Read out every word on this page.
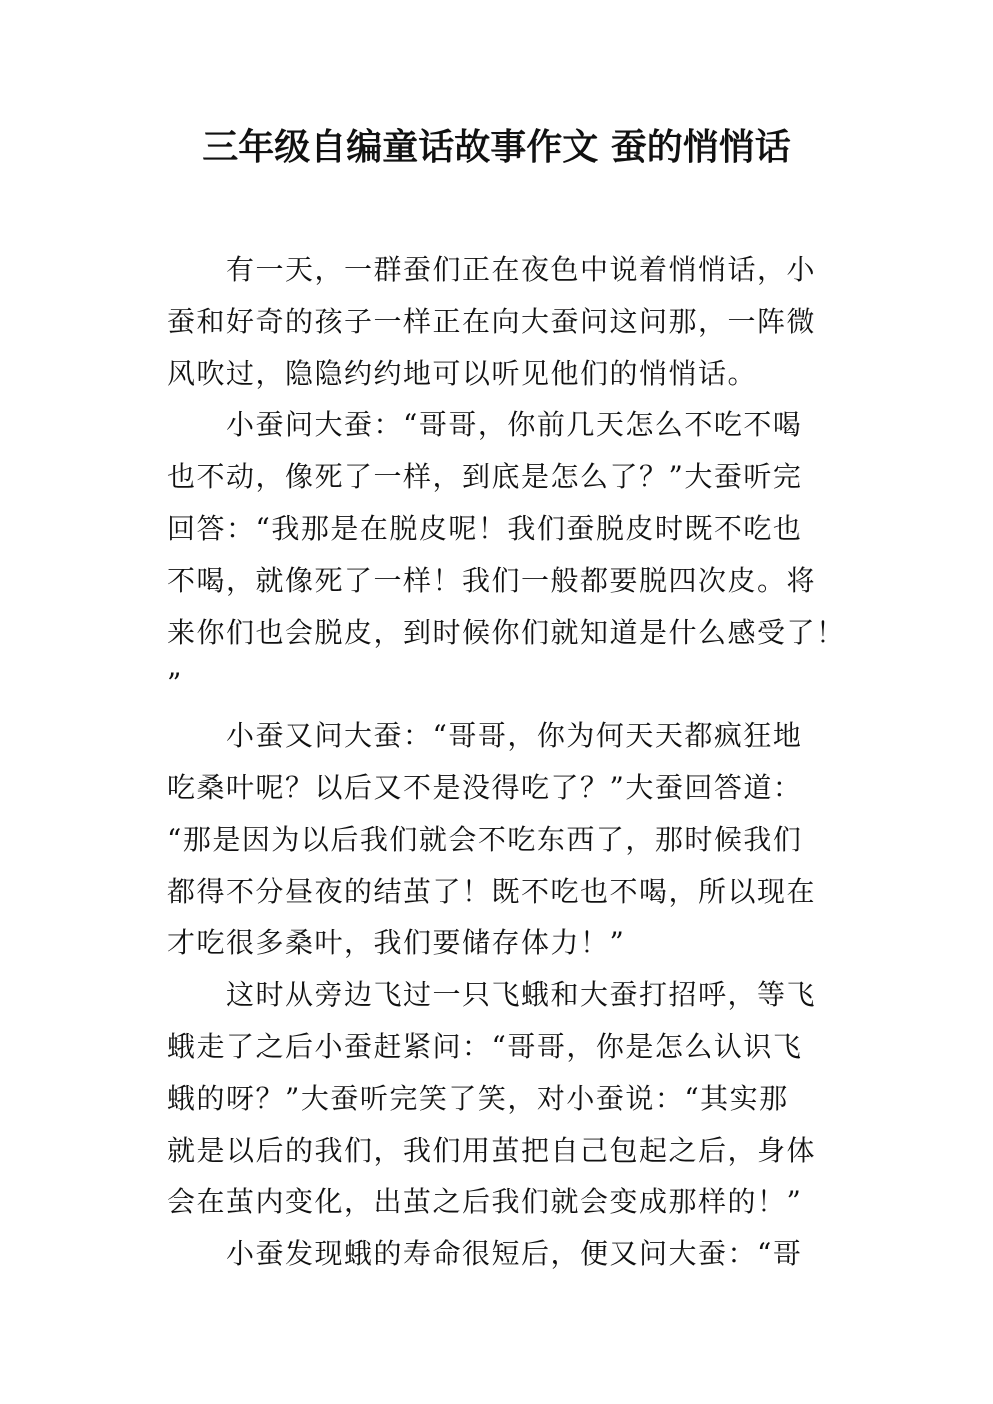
三年级自编童话故事作文 蚕的悄悄话
　　有一天，一群蚕们正在夜色中说着悄悄话，小
蚕和好奇的孩子一样正在向大蚕问这问那，一阵微
风吹过，隐隐约约地可以听见他们的悄悄话。
　　小蚕问大蚕：“哥哥，你前几天怎么不吃不喝
也不动，像死了一样，到底是怎么了？”大蚕听完
回答：“我那是在脱皮呢！我们蚕脱皮时既不吃也
不喝，就像死了一样！我们一般都要脱四次皮。将
来你们也会脱皮，到时候你们就知道是什么感受了！
”
　　小蚕又问大蚕：“哥哥，你为何天天都疯狂地
吃桑叶呢？以后又不是没得吃了？”大蚕回答道：
“那是因为以后我们就会不吃东西了，那时候我们
都得不分昼夜的结茧了！既不吃也不喝，所以现在
才吃很多桑叶，我们要储存体力！”
　　这时从旁边飞过一只飞蛾和大蚕打招呼，等飞
蛾走了之后小蚕赶紧问：“哥哥，你是怎么认识飞
蛾的呀？”大蚕听完笑了笑，对小蚕说：“其实那
就是以后的我们，我们用茧把自己包起之后，身体
会在茧内变化，出茧之后我们就会变成那样的！”
　　小蚕发现蛾的寿命很短后，便又问大蚕：“哥
